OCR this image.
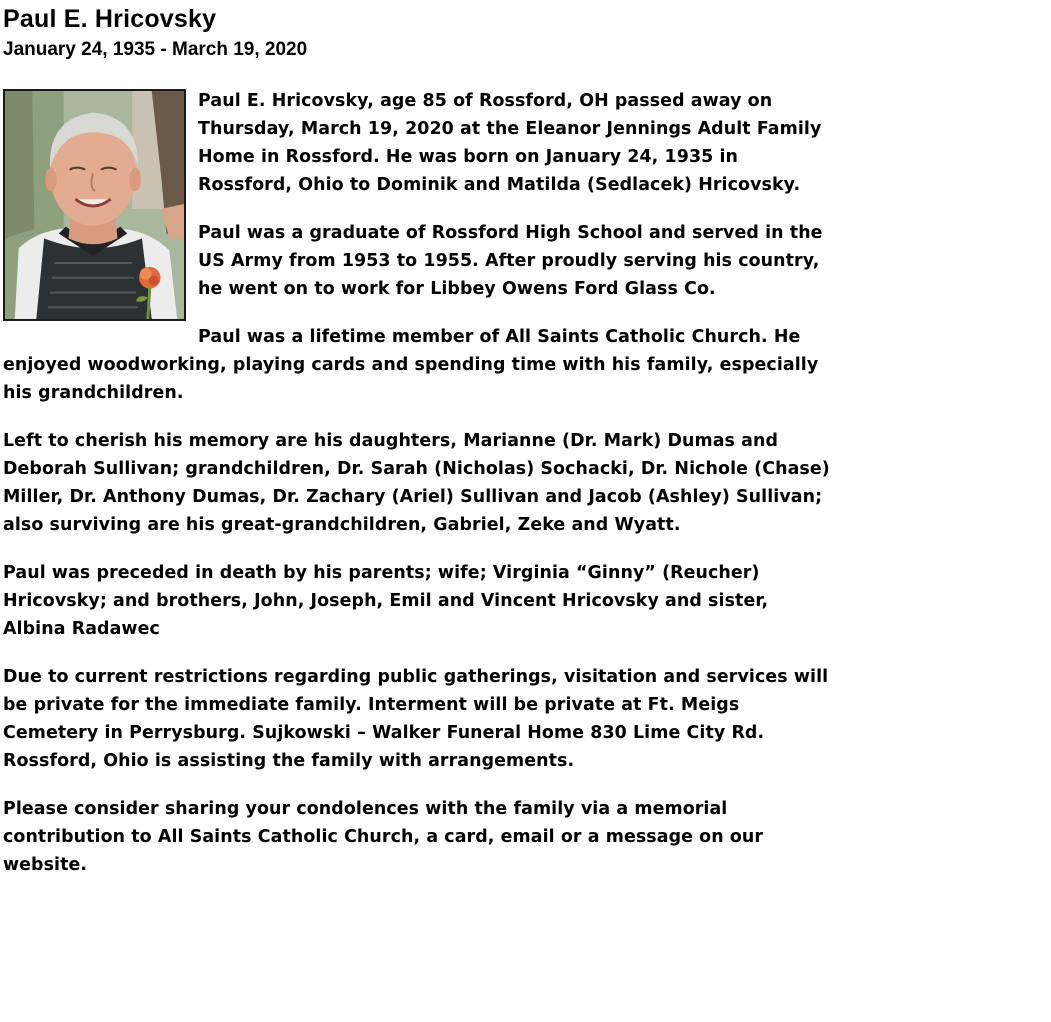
Paul E. Hricovsky
January 24, 1935 - March 19, 2020

Paul E. Hricovsky, age 85 of Rossford, OH passed away on Thursday, March 19, 2020 at the Eleanor Jennings Adult Family Home in Rossford. He was born on January 24, 1935 in Rossford, Ohio to Dominik and Matilda (Sedlacek) Hricovsky.

Paul was a graduate of Rossford High School and served in the US Army from 1953 to 1955. After proudly serving his country, he went on to work for Libbey Owens Ford Glass Co.

Paul was a lifetime member of All Saints Catholic Church. He enjoyed woodworking, playing cards and spending time with his family, especially his grandchildren.

Left to cherish his memory are his daughters, Marianne (Dr. Mark) Dumas and Deborah Sullivan; grandchildren, Dr. Sarah (Nicholas) Sochacki, Dr. Nichole (Chase) Miller, Dr. Anthony Dumas, Dr. Zachary (Ariel) Sullivan and Jacob (Ashley) Sullivan; also surviving are his great-grandchildren, Gabriel, Zeke and Wyatt.

Paul was preceded in death by his parents; wife; Virginia “Ginny” (Reucher) Hricovsky; and brothers, John, Joseph, Emil and Vincent Hricovsky and sister, Albina Radawec

Due to current restrictions regarding public gatherings, visitation and services will be private for the immediate family. Interment will be private at Ft. Meigs Cemetery in Perrysburg. Sujkowski – Walker Funeral Home 830 Lime City Rd. Rossford, Ohio is assisting the family with arrangements.

Please consider sharing your condolences with the family via a memorial contribution to All Saints Catholic Church, a card, email or a message on our website.
